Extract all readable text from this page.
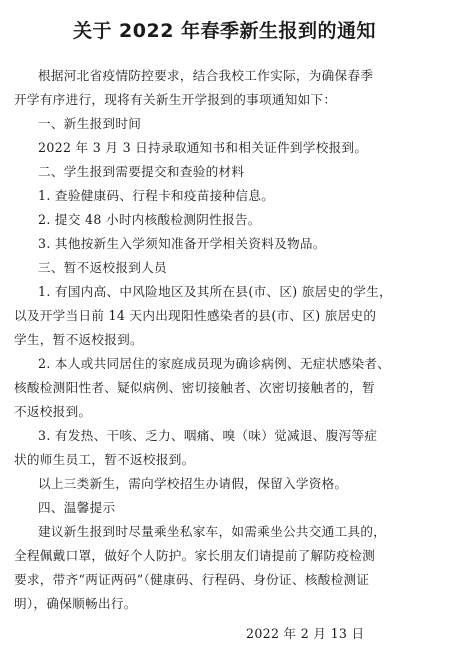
关于 2022 年春季新生报到的通知
根据河北省疫情防控要求，结合我校工作实际，为确保春季
开学有序进行，现将有关新生开学报到的事项通知如下：
一、新生报到时间
2022 年 3 月 3 日持录取通知书和相关证件到学校报到。
二、学生报到需要提交和查验的材料
1. 查验健康码、行程卡和疫苗接种信息。
2. 提交 48 小时内核酸检测阴性报告。
3. 其他按新生入学须知准备开学相关资料及物品。
三、暂不返校报到人员
1. 有国内高、中风险地区及其所在县(市、区) 旅居史的学生，
以及开学当日前 14 天内出现阳性感染者的县(市、区) 旅居史的
学生，暂不返校报到。
2. 本人或共同居住的家庭成员现为确诊病例、无症状感染者、
核酸检测阳性者、疑似病例、密切接触者、次密切接触者的，暂
不返校报到。
3. 有发热、干咳、乏力、咽痛、嗅（味）觉减退、腹泻等症
状的师生员工，暂不返校报到。
以上三类新生，需向学校招生办请假，保留入学资格。
四、温馨提示
建议新生报到时尽量乘坐私家车，如需乘坐公共交通工具的，
全程佩戴口罩，做好个人防护。家长朋友们请提前了解防疫检测
要求，带齐“两证两码”（健康码、行程码、身份证、核酸检测证
明），确保顺畅出行。
2022 年 2 月 13 日
